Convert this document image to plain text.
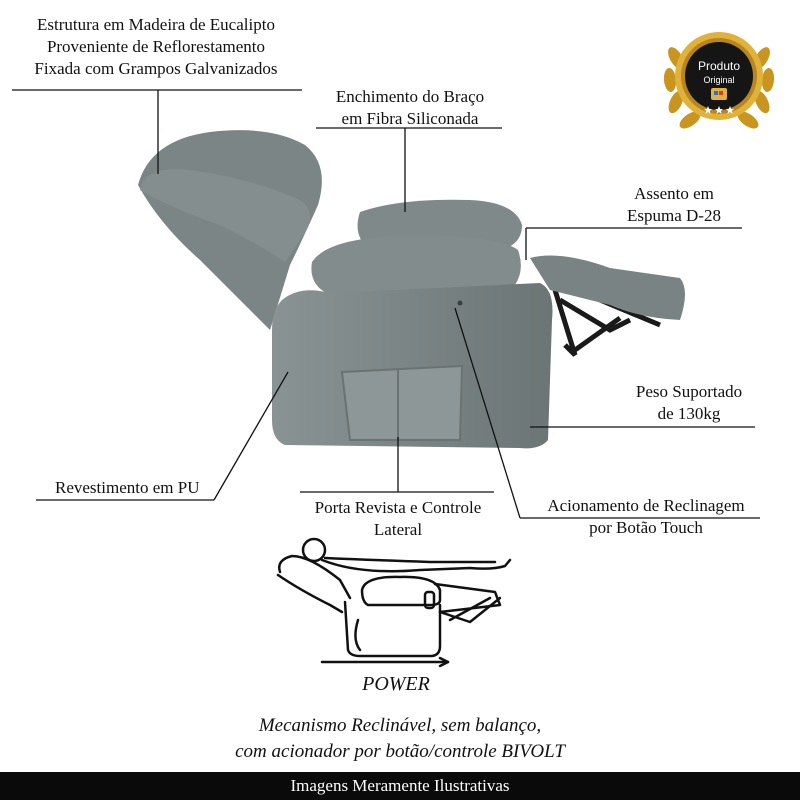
Estrutura em Madeira de Eucalipto
Proveniente de Reflorestamento
Fixada com Grampos Galvanizados
Enchimento do Braço
em Fibra Siliconada
Assento em
Espuma D-28
Peso Suportado
de 130kg
Revestimento em PU
Porta Revista e Controle
Lateral
Acionamento de Reclinagem
por Botão Touch
Produto
Original
POWER
Mecanismo Reclinável, sem balanço,
com acionador por botão/controle BIVOLT
Imagens Meramente Ilustrativas
